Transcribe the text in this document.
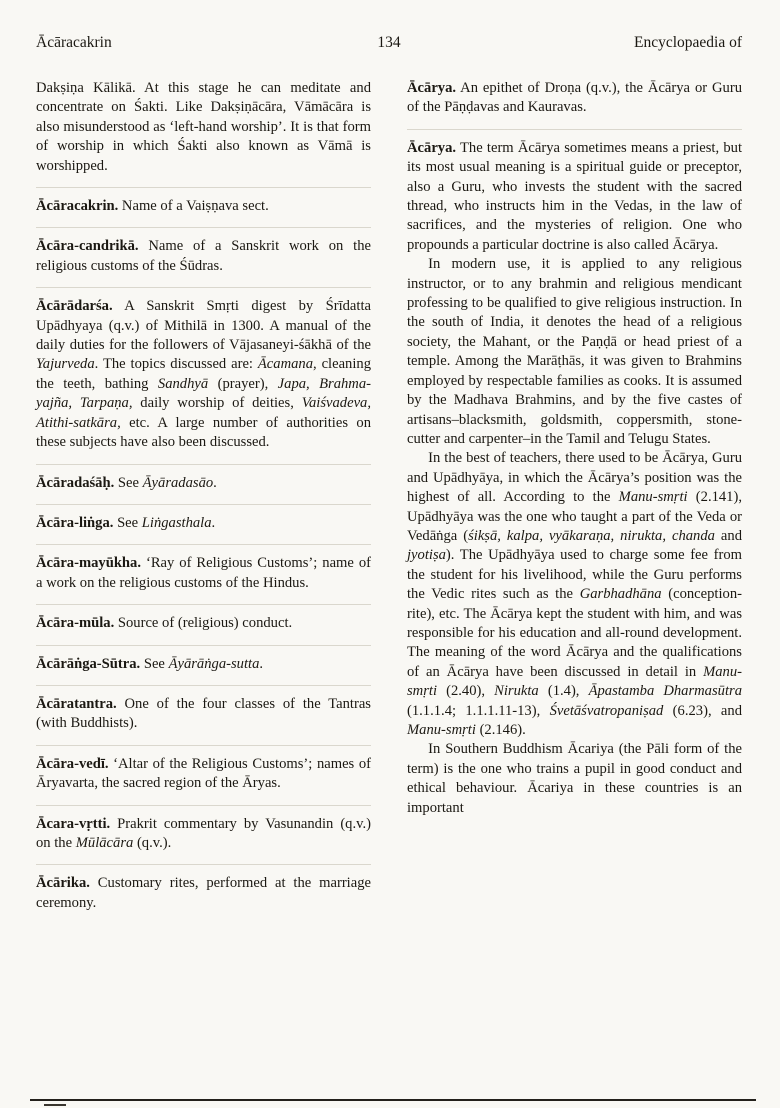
Ācāracakrin	134	Encyclopaedia of

Dakṣiṇa Kālikā. At this stage he can meditate and concentrate on Śakti. Like Dakṣiṇācāra, Vāmācāra is also misunderstood as ‘left-hand worship’. It is that form of worship in which Śakti also known as Vāmā is worshipped.

Ācāracakrin. Name of a Vaiṣṇava sect.

Ācāra-candrikā. Name of a Sanskrit work on the religious customs of the Śūdras.

Ācārādarśa. A Sanskrit Smṛti digest by Śrīdatta Upādhyaya (q.v.) of Mithilā in 1300. A manual of the daily duties for the followers of Vājasaneyi-śākhā of the Yajurveda. The topics discussed are: Ācamana, cleaning the teeth, bathing Sandhyā (prayer), Japa, Brahma-yajña, Tarpaṇa, daily worship of deities, Vaiśvadeva, Atithi-satkāra, etc. A large number of authorities on these subjects have also been discussed.

Ācāradaśāḥ. See Āyāradasāo.

Ācāra-liṅga. See Liṅgasthala.

Ācāra-mayūkha. ‘Ray of Religious Customs’; name of a work on the religious customs of the Hindus.

Ācāra-mūla. Source of (religious) conduct.

Ācārāṅga-Sūtra. See Āyārāṅga-sutta.

Ācāratantra. One of the four classes of the Tantras (with Buddhists).

Ācāra-vedī. ‘Altar of the Religious Customs’; names of Āryavarta, the sacred region of the Āryas.

Ācara-vṛtti. Prakrit commentary by Vasunandin (q.v.) on the Mūlācāra (q.v.).

Ācārika. Customary rites, performed at the marriage ceremony.

Ācārya. An epithet of Droṇa (q.v.), the Ācārya or Guru of the Pāṇḍavas and Kauravas.

Ācārya. The term Ācārya sometimes means a priest, but its most usual meaning is a spiritual guide or preceptor, also a Guru, who invests the student with the sacred thread, who instructs him in the Vedas, in the law of sacrifices, and the mysteries of religion. One who propounds a particular doctrine is also called Ācārya.

In modern use, it is applied to any religious instructor, or to any brahmin and religious mendicant professing to be qualified to give religious instruction. In the south of India, it denotes the head of a religious society, the Mahant, or the Paṇḍā or head priest of a temple. Among the Marāṭhās, it was given to Brahmins employed by respectable families as cooks. It is assumed by the Madhava Brahmins, and by the five castes of artisans–blacksmith, goldsmith, coppersmith, stone-cutter and carpenter–in the Tamil and Telugu States.

In the best of teachers, there used to be Ācārya, Guru and Upādhyāya, in which the Ācārya’s position was the highest of all. According to the Manu-smṛti (2.141), Upādhyāya was the one who taught a part of the Veda or Vedāṅga (śikṣā, kalpa, vyākaraṇa, nirukta, chanda and jyotiṣa). The Upādhyāya used to charge some fee from the student for his livelihood, while the Guru performs the Vedic rites such as the Garbhadhāna (conception-rite), etc. The Ācārya kept the student with him, and was responsible for his education and all-round development. The meaning of the word Ācārya and the qualifications of an Ācārya have been discussed in detail in Manu-smṛti (2.40), Nirukta (1.4), Āpastamba Dharmasūtra (1.1.1.4; 1.1.1.11-13), Śvetāśvatropaniṣad (6.23), and Manu-smṛti (2.146).

In Southern Buddhism Ācariya (the Pāli form of the term) is the one who trains a pupil in good conduct and ethical behaviour. Ācariya in these countries is an important
